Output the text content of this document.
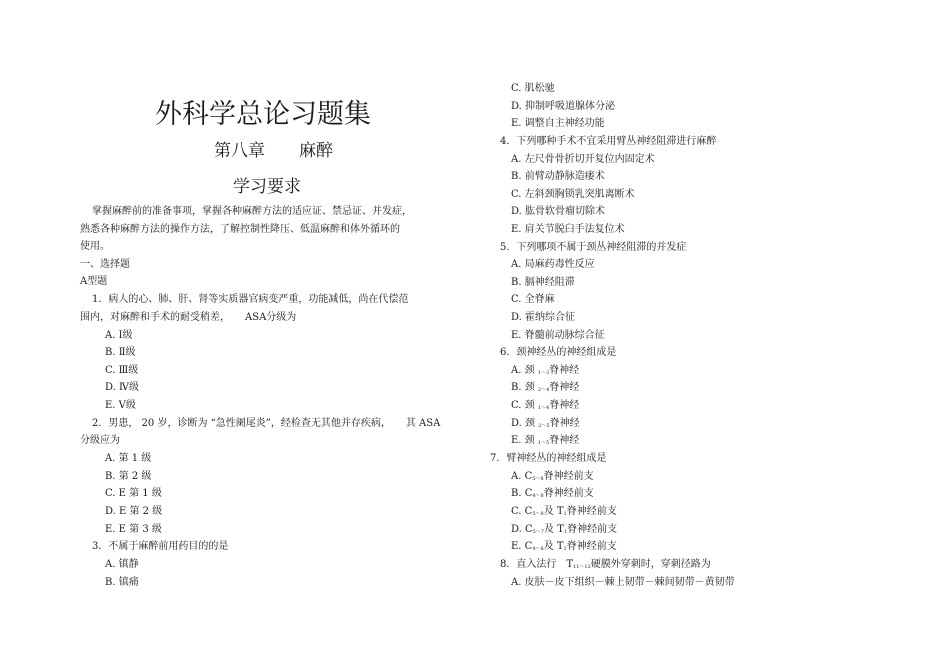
外科学总论习题集
第八章　　麻醉
学习要求
掌握麻醉前的准备事项，掌握各种麻醉方法的适应证、禁忌证、并发症，
熟悉各种麻醉方法的操作方法，了解控制性降压、低温麻醉和体外循环的
使用。
一、选择题
A型题
1．病人的心、肺、肝、肾等实质器官病变严重，功能减低，尚在代偿范
围内，对麻醉和手术的耐受稍差，　　ASA分级为
A. Ⅰ级
B. Ⅱ级
C. Ⅲ级
D. Ⅳ级
E. Ⅴ级
2．男患， 20 岁，诊断为 “急性阑尾炎”，经检查无其他并存疾病，　　其 ASA
分级应为
A. 第 1 级
B. 第 2 级
C. E 第 1 级
D. E 第 2 级
E. E 第 3 级
3．不属于麻醉前用药目的的是
A. 镇静
B. 镇痛
C. 肌松驰
D. 抑制呼吸道腺体分泌
E. 调整自主神经功能
4．下列哪种手术不宜采用臂丛神经阻滞进行麻醉
A. 左尺骨骨折切开复位内固定术
B. 前臂动静脉造瘘术
C. 左斜颈胸锁乳突肌离断术
D. 肱骨软骨瘤切除术
E. 肩关节脱臼手法复位术
5．下列哪项不属于颈丛神经阻滞的并发症
A. 局麻药毒性反应
B. 膈神经阻滞
C. 全脊麻
D. 霍纳综合征
E. 脊髓前动脉综合征
6．颈神经丛的神经组成是
A. 颈 $_{1\sim 3}$脊神经
B. 颈 $_{2\sim 4}$脊神经
C. 颈 $_{1\sim 4}$脊神经
D. 颈 $_{2\sim 5}$脊神经
E. 颈 $_{1\sim 5}$脊神经
7．臂神经丛的神经组成是
A. $C_{5\sim 8}$脊神经前支
B. $C_{4\sim 8}$脊神经前支
C. $C_{5\sim 8}$及 $T_1$脊神经前支
D. $C_{5\sim 7}$及 $T_1$脊神经前支
E. $C_{4\sim 8}$及 $T_1$脊神经前支
8．直入法行　$T_{11\sim 12}$硬膜外穿刺时，穿刺径路为
A. 皮肤－皮下组织－棘上韧带－棘间韧带－黄韧带
